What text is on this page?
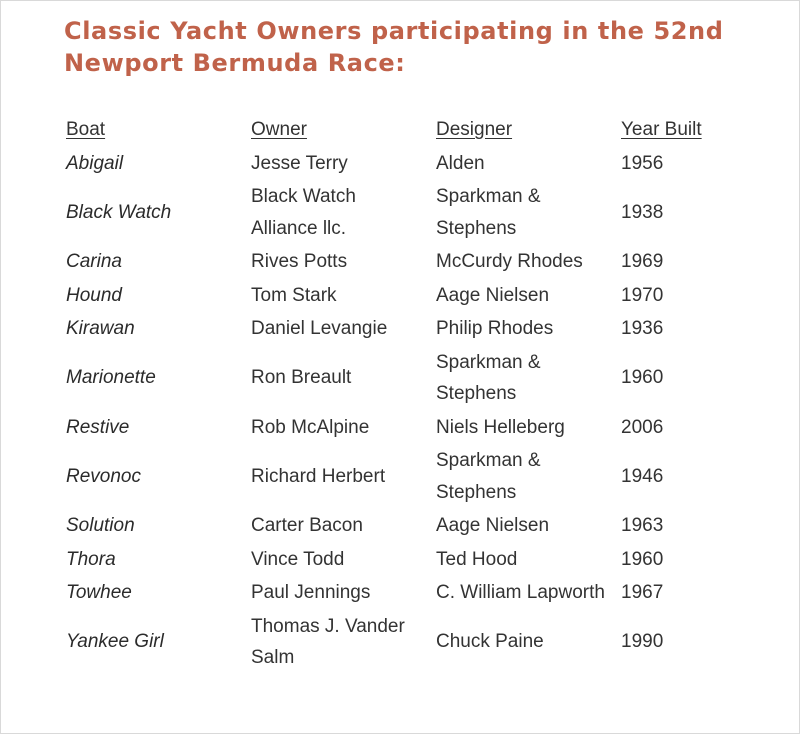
Classic Yacht Owners participating in the 52nd Newport Bermuda Race:
Boat	Owner	Designer	Year Built
Abigail	Jesse Terry	Alden	1956
Black Watch	Black Watch Alliance llc.	Sparkman & Stephens	1938
Carina	Rives Potts	McCurdy Rhodes	1969
Hound	Tom Stark	Aage Nielsen	1970
Kirawan	Daniel Levangie	Philip Rhodes	1936
Marionette	Ron Breault	Sparkman & Stephens	1960
Restive	Rob McAlpine	Niels Helleberg	2006
Revonoc	Richard Herbert	Sparkman & Stephens	1946
Solution	Carter Bacon	Aage Nielsen	1963
Thora	Vince Todd	Ted Hood	1960
Towhee	Paul Jennings	C. William Lapworth	1967
Yankee Girl	Thomas J. Vander Salm	Chuck Paine	1990
